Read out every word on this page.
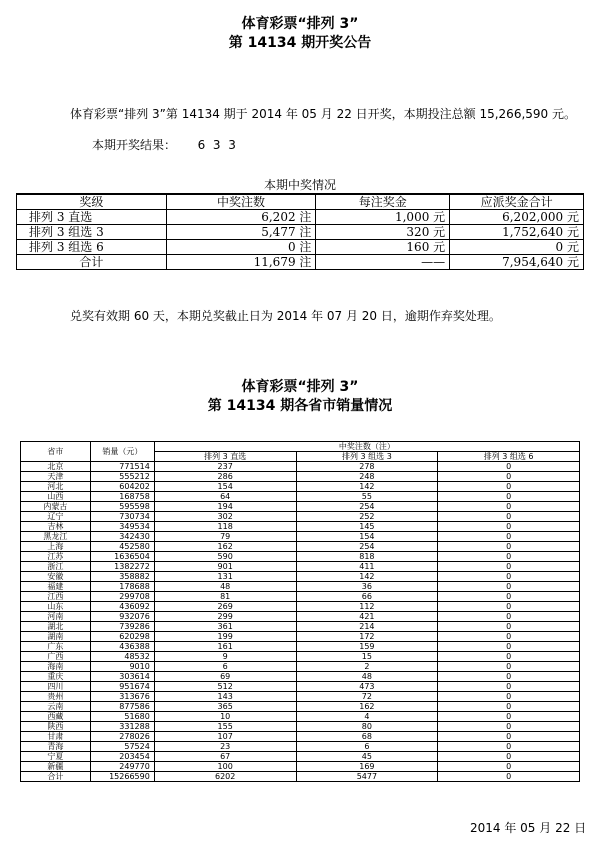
体育彩票“排列 3”
第 14134 期开奖公告
体育彩票“排列 3”第 14134 期于 2014 年 05 月 22 日开奖，本期投注总额 15,266,590 元。
本期开奖结果： 6  3  3
本期中奖情况
奖级	中奖注数	每注奖金	应派奖金合计
排列 3 直选	6,202 注	1,000 元	6,202,000 元
排列 3 组选 3	5,477 注	320 元	1,752,640 元
排列 3 组选 6	0 注	160 元	0 元
合计	11,679 注	——	7,954,640 元
兑奖有效期 60 天，本期兑奖截止日为 2014 年 07 月 20 日，逾期作弃奖处理。
体育彩票“排列 3”
第 14134 期各省市销量情况
省市	销量（元）	中奖注数（注）		
		排列 3 直选	排列 3 组选 3	排列 3 组选 6
北京	771514	237	278	0
天津	555212	286	248	0
河北	604202	154	142	0
山西	168758	64	55	0
内蒙古	595598	194	254	0
辽宁	730734	302	252	0
吉林	349534	118	145	0
黑龙江	342430	79	154	0
上海	452580	162	254	0
江苏	1636504	590	818	0
浙江	1382272	901	411	0
安徽	358882	131	142	0
福建	178688	48	36	0
江西	299708	81	66	0
山东	436092	269	112	0
河南	932076	299	421	0
湖北	739286	361	214	0
湖南	620298	199	172	0
广东	436388	161	159	0
广西	48532	9	15	0
海南	9010	6	2	0
重庆	303614	69	48	0
四川	951674	512	473	0
贵州	313676	143	72	0
云南	877586	365	162	0
西藏	51680	10	4	0
陕西	331288	155	80	0
甘肃	278026	107	68	0
青海	57524	23	6	0
宁夏	203454	67	45	0
新疆	249770	100	169	0
合计	15266590	6202	5477	0
2014 年 05 月 22 日
